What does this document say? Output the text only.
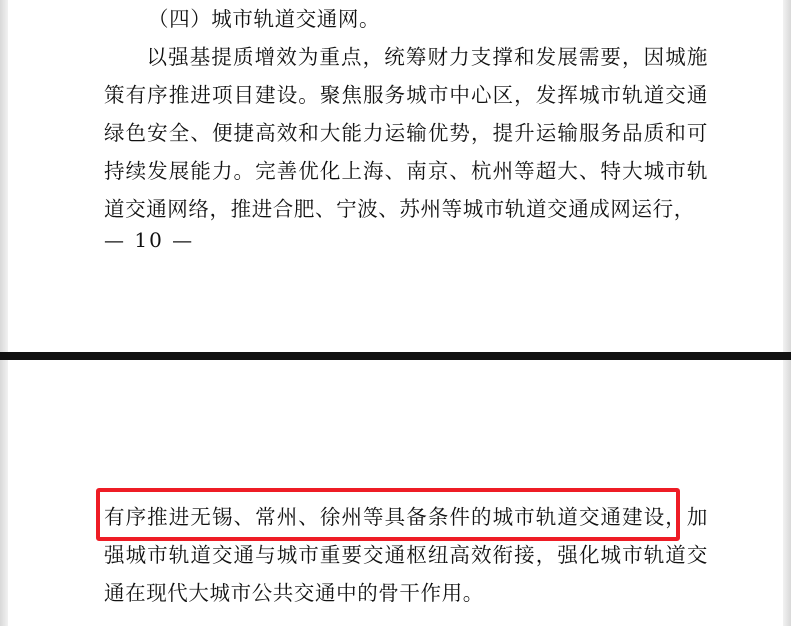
（四）城市轨道交通网。
以强基提质增效为重点，统筹财力支撑和发展需要，因城施策有序推进项目建设。聚焦服务城市中心区，发挥城市轨道交通绿色安全、便捷高效和大能力运输优势，提升运输服务品质和可持续发展能力。完善优化上海、南京、杭州等超大、特大城市轨道交通网络，推进合肥、宁波、苏州等城市轨道交通成网运行，
— 10 —
有序推进无锡、常州、徐州等具备条件的城市轨道交通建设，加强城市轨道交通与城市重要交通枢纽高效衔接，强化城市轨道交通在现代大城市公共交通中的骨干作用。
